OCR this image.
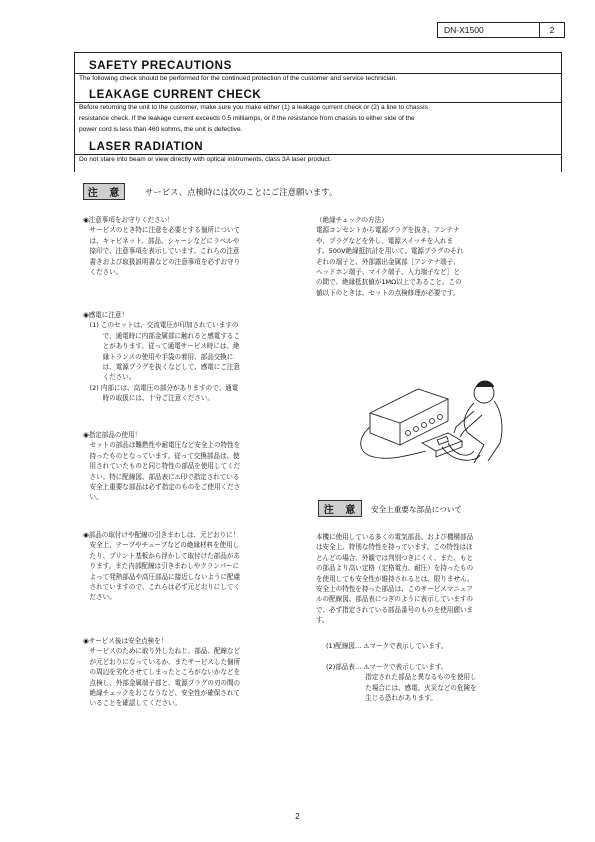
DN-X1500	2
SAFETY PRECAUTIONS
The following check should be performed for the continued protection of the customer and service technician.
LEAKAGE CURRENT CHECK
Before returning the unit to the customer, make sure you make either (1) a leakage current check or (2) a line to chassis
resistance check. If the leakage current exceeds 0.5 milliamps, or if the resistance from chassis to either side of the
power cord is less than 460 kohms, the unit is defective.
LASER RADIATION
Do not stare into beam or view directly with optical instruments, class 3A laser product.
注 意	サービス、点検時には次のことにご注意願います。
◉注意事項をお守りください！
　サービスのとき特に注意を必要とする個所について
　は、キャビネット、部品、シャーシなどにラベルや
　捺印で、注意事項を表示しています。これらの注意
　書きおよび取扱説明書などの注意事項を必ずお守り
　ください。
◉感電に注意！
　(1) このセットは、交流電圧が印加されていますの
　　　で、通電時に内部金属部に触れると感電するこ
　　　とがあります。従って通電サービス時には、絶
　　　縁トランスの使用や手袋の着用、部品交換に
　　　は、電源プラグを抜くなどして、感電にご注意
　　　ください。
　(2) 内部には、高電圧の部分がありますので、通電
　　　時の取扱には、十分ご注意ください。
◉指定部品の使用！
　セットの部品は難燃性や耐電圧など安全上の特性を
　持ったものとなっています。従って交換部品は、使
　用されていたものと同じ特性の部品を使用してくだ
　さい。特に配線図、部品表に⚠印で指定されている
　安全上重要な部品は必ず指定のものをご使用くださ
　い。
◉部品の取付けや配線の引きまわしは、元どおりに！
　安全上、テープやチューブなどの絶縁材料を使用し
　たり、プリント基板から浮かして取付けた部品があ
　ります。また内部配線は引きまわしやクランパーに
　よって発熱部品や高圧部品に接近しないように配慮
　されていますので、これらは必ず元どおりにしてく
　ださい。
◉サービス後は安全点検を！
　サービスのために取り外したねじ、部品、配線など
　が元どおりになっているか、またサービスした個所
　の周辺を劣化させてしまったところがないかなどを
　点検し、外部金属端子部と、電源プラグの刃の間の
　絶縁チェックをおこなうなど、安全性が確保されて
　いることを確認してください。
（絶縁チェックの方法）
電源コンセントから電源プラグを抜き、アンテナ
や、プラグなどを外し、電源スイッチを入れま
す。500V絶縁抵抗計を用いて、電源プラグのそれ
ぞれの端子と、外部露出金属部［アンテナ端子、
ヘッドホン端子、マイク端子、入力端子など］と
の間で、絶縁抵抗値が1MΩ以上であること。この
値以下のときは、セットの点検修理が必要です。
注 意	安全上重要な部品について
本機に使用している多くの電気部品、および機構部品
は安全上、特別な特性を持っています。この特性はほ
とんどの場合、外観では判別つきにくく、また、もと
の部品より高い定格（定格電力、耐圧）を持ったもの
を使用しても安全性が維持されるとは、限りません。
安全上の特性を持った部品は、このサービスマニュア
ルの配線図、部品表につぎのように表示していますの
で、必ず指定されている部品番号のものを使用願いま
す。
(1)配線図… ⚠マークで表示しています。
(2)部品表… ⚠マークで表示しています。
　　　　　　指定された部品と異なるものを使用し
　　　　　　た場合には、感電、火災などの危険を
　　　　　　生じる恐れがあります。
2
